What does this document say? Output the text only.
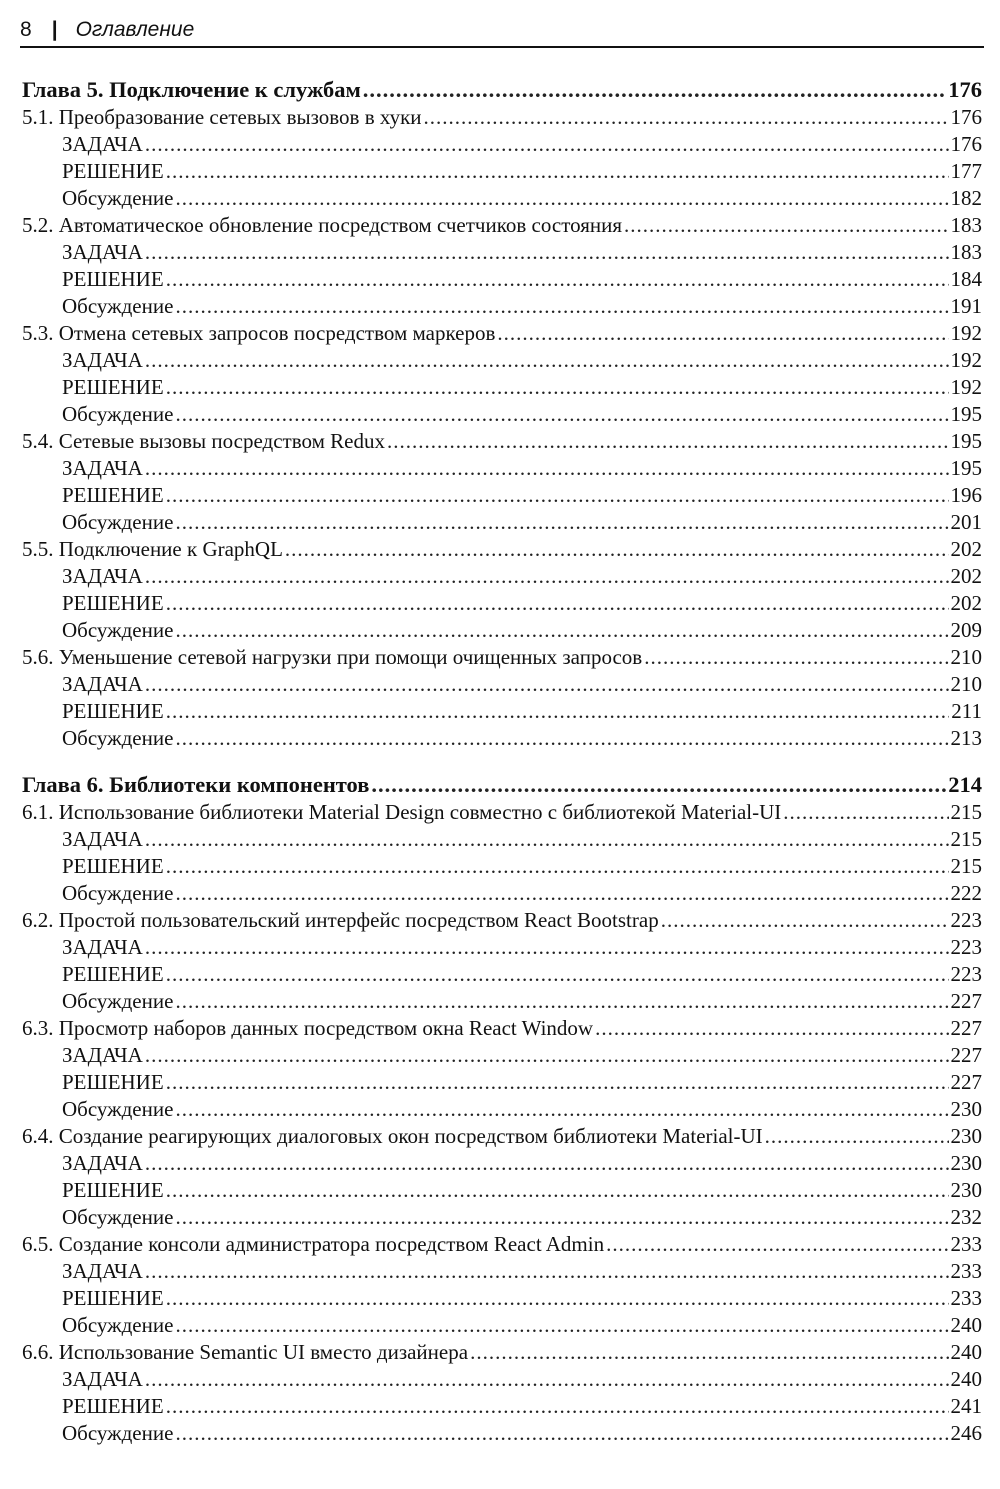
8 | Оглавление
Глава 5. Подключение к службам .....	176
5.1. Преобразование сетевых вызовов в хуки .....	176
ЗАДАЧА .....	176
РЕШЕНИЕ .....	177
Обсуждение .....	182
5.2. Автоматическое обновление посредством счетчиков состояния .....	183
ЗАДАЧА .....	183
РЕШЕНИЕ .....	184
Обсуждение .....	191
5.3. Отмена сетевых запросов посредством маркеров .....	192
ЗАДАЧА .....	192
РЕШЕНИЕ .....	192
Обсуждение .....	195
5.4. Сетевые вызовы посредством Redux .....	195
ЗАДАЧА .....	195
РЕШЕНИЕ .....	196
Обсуждение .....	201
5.5. Подключение к GraphQL .....	202
ЗАДАЧА .....	202
РЕШЕНИЕ .....	202
Обсуждение .....	209
5.6. Уменьшение сетевой нагрузки при помощи очищенных запросов .....	210
ЗАДАЧА .....	210
РЕШЕНИЕ .....	211
Обсуждение .....	213
Глава 6. Библиотеки компонентов .....	214
6.1. Использование библиотеки Material Design совместно с библиотекой Material-UI .....	215
ЗАДАЧА .....	215
РЕШЕНИЕ .....	215
Обсуждение .....	222
6.2. Простой пользовательский интерфейс посредством React Bootstrap .....	223
ЗАДАЧА .....	223
РЕШЕНИЕ .....	223
Обсуждение .....	227
6.3. Просмотр наборов данных посредством окна React Window .....	227
ЗАДАЧА .....	227
РЕШЕНИЕ .....	227
Обсуждение .....	230
6.4. Создание реагирующих диалоговых окон посредством библиотеки Material-UI .....	230
ЗАДАЧА .....	230
РЕШЕНИЕ .....	230
Обсуждение .....	232
6.5. Создание консоли администратора посредством React Admin .....	233
ЗАДАЧА .....	233
РЕШЕНИЕ .....	233
Обсуждение .....	240
6.6. Использование Semantic UI вместо дизайнера .....	240
ЗАДАЧА .....	240
РЕШЕНИЕ .....	241
Обсуждение .....	246
